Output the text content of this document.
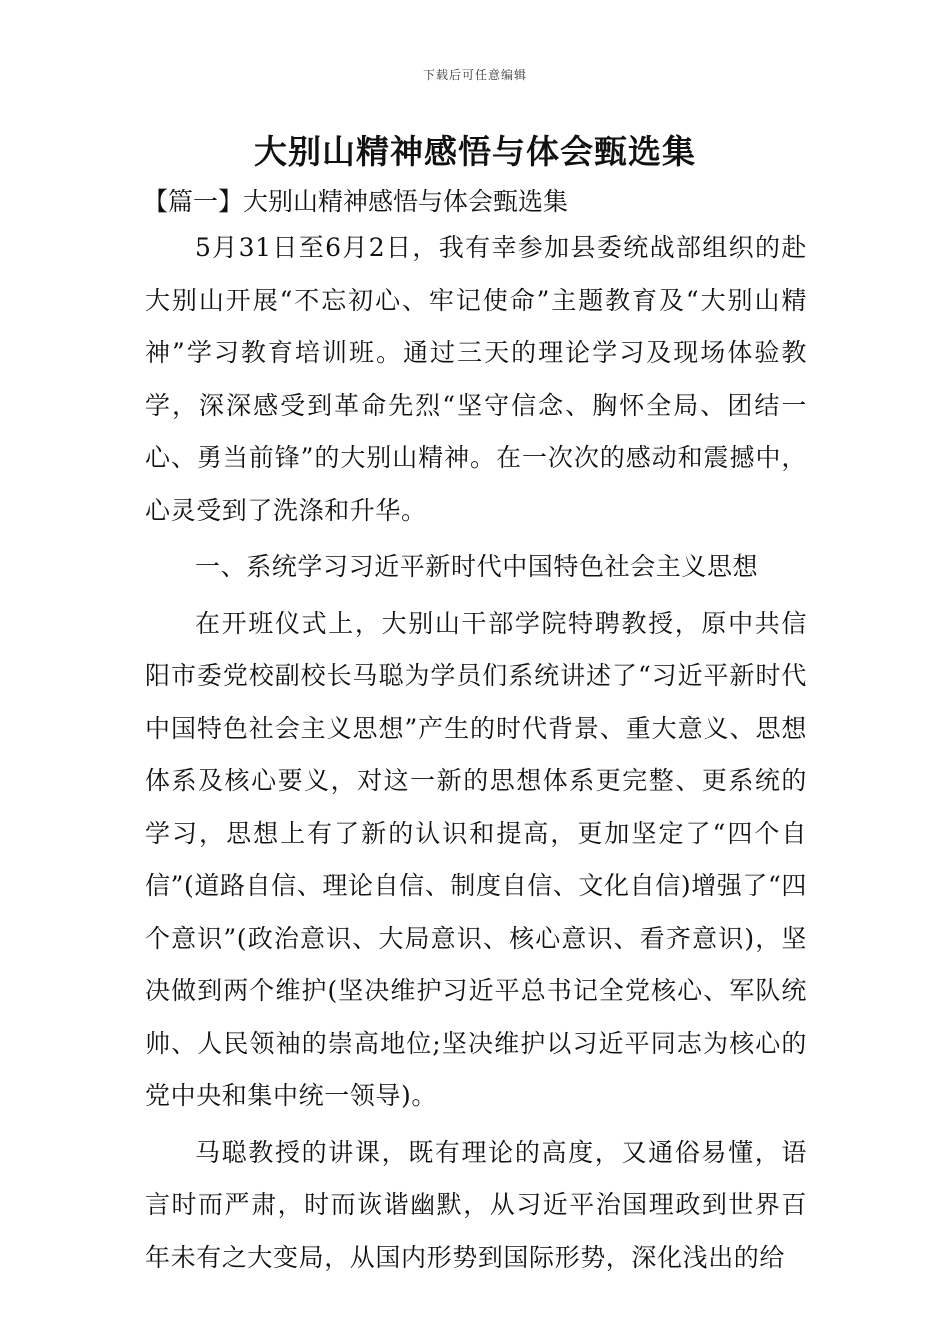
下载后可任意编辑
大别山精神感悟与体会甄选集
【篇一】大别山精神感悟与体会甄选集

5月31日至6月2日，我有幸参加县委统战部组织的赴大别山开展“不忘初心、牢记使命”主题教育及“大别山精神”学习教育培训班。通过三天的理论学习及现场体验教学，深深感受到革命先烈“坚守信念、胸怀全局、团结一心、勇当前锋”的大别山精神。在一次次的感动和震撼中，心灵受到了洗涤和升华。

一、系统学习习近平新时代中国特色社会主义思想

在开班仪式上，大别山干部学院特聘教授，原中共信阳市委党校副校长马聪为学员们系统讲述了“习近平新时代中国特色社会主义思想”产生的时代背景、重大意义、思想体系及核心要义，对这一新的思想体系更完整、更系统的学习，思想上有了新的认识和提高，更加坚定了“四个自信”(道路自信、理论自信、制度自信、文化自信)增强了“四个意识”(政治意识、大局意识、核心意识、看齐意识)，坚决做到两个维护(坚决维护习近平总书记全党核心、军队统帅、人民领袖的崇高地位;坚决维护以习近平同志为核心的党中央和集中统一领导)。

马聪教授的讲课，既有理论的高度，又通俗易懂，语言时而严肃，时而诙谐幽默，从习近平治国理政到世界百年未有之大变局，从国内形势到国际形势，深化浅出的给
